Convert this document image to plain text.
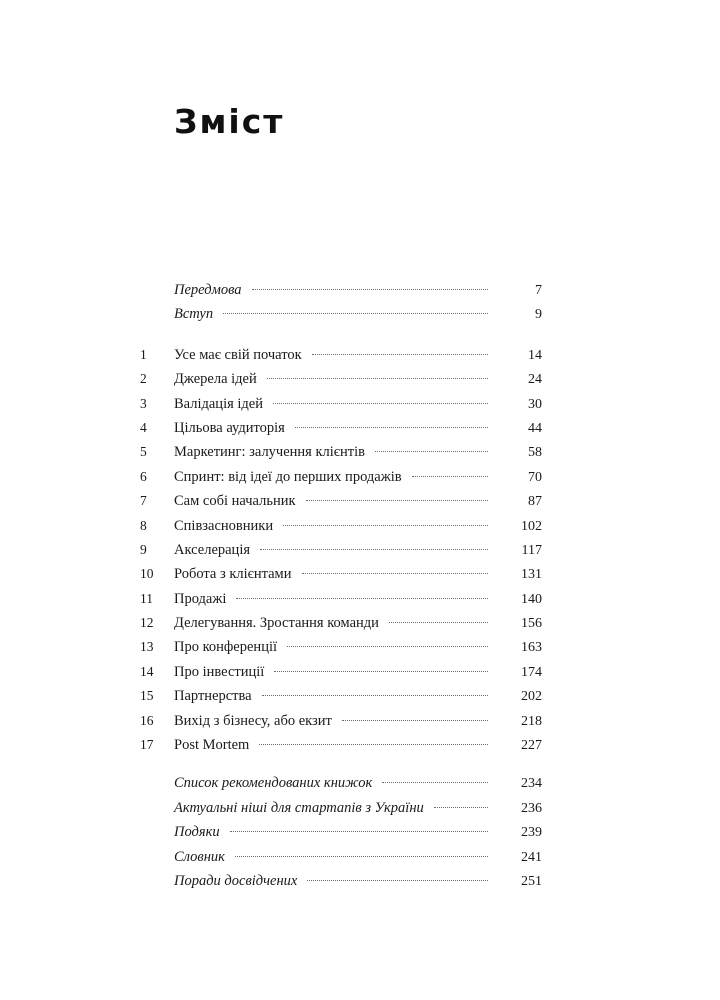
Зміст
Передмова	7
Вступ	9
1	Усе має свій початок	14
2	Джерела ідей	24
3	Валідація ідей	30
4	Цільова аудиторія	44
5	Маркетинг: залучення клієнтів	58
6	Спринт: від ідеї до перших продажів	70
7	Сам собі начальник	87
8	Співзасновники	102
9	Акселерація	117
10	Робота з клієнтами	131
11	Продажі	140
12	Делегування. Зростання команди	156
13	Про конференції	163
14	Про інвестиції	174
15	Партнерства	202
16	Вихід з бізнесу, або екзит	218
17	Post Mortem	227
Список рекомендованих книжок	234
Актуальні ніші для стартапів з України	236
Подяки	239
Словник	241
Поради досвідчених	251
